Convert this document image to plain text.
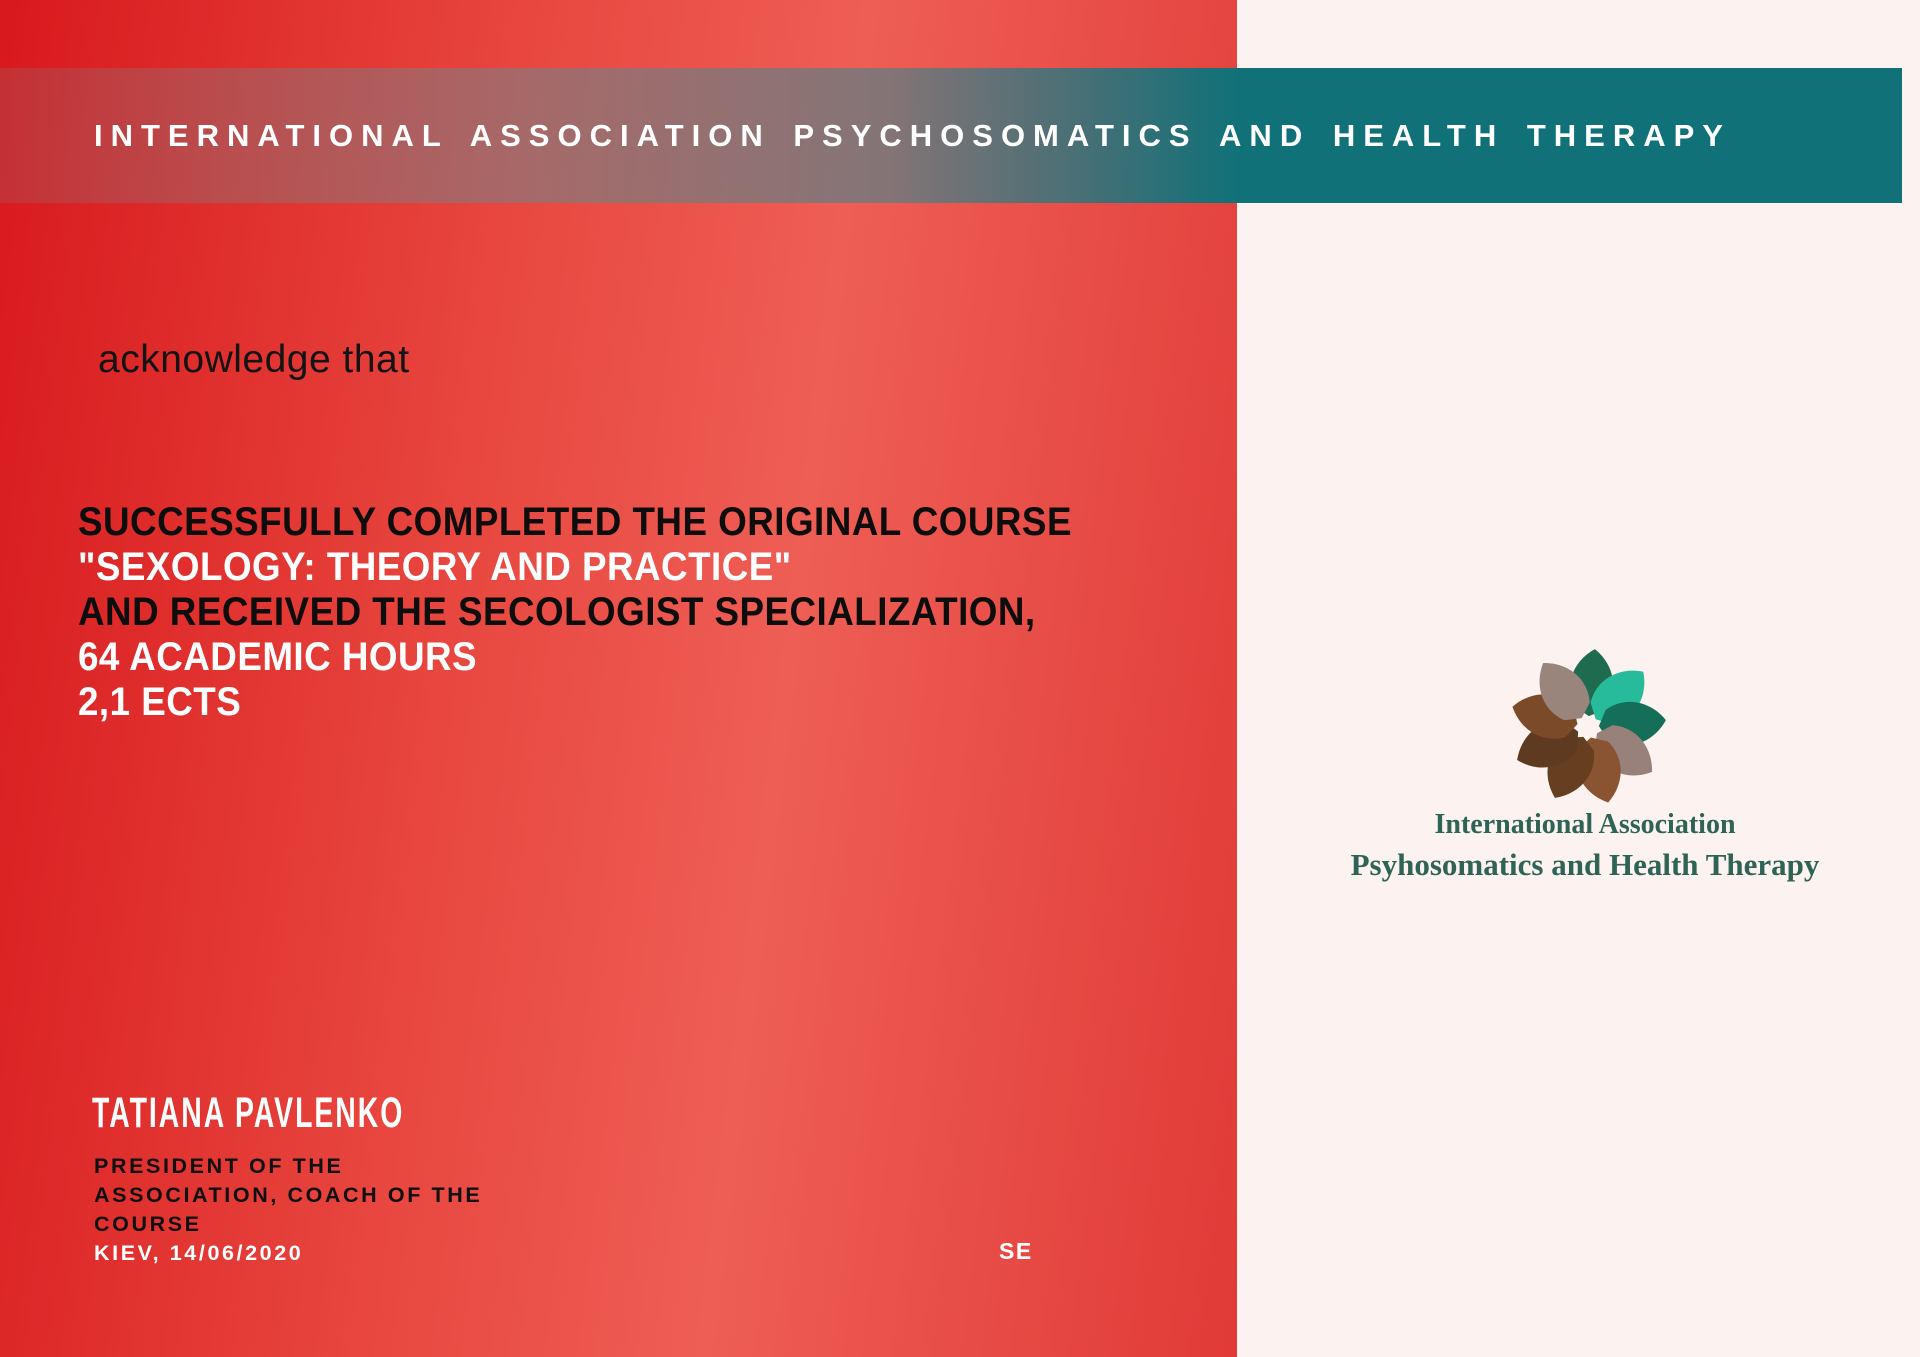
INTERNATIONAL ASSOCIATION PSYCHOSOMATICS AND HEALTH THERAPY
acknowledge that
SUCCESSFULLY COMPLETED THE ORIGINAL COURSE
"SEXOLOGY: THEORY AND PRACTICE"
AND RECEIVED THE SECOLOGIST SPECIALIZATION,
64 ACADEMIC HOURS
2,1 ECTS
TATIANA PAVLENKO
PRESIDENT OF THE
ASSOCIATION, COACH OF THE
COURSE
KIEV, 14/06/2020	SE
International Association
Psyhosomatics and Health Therapy
